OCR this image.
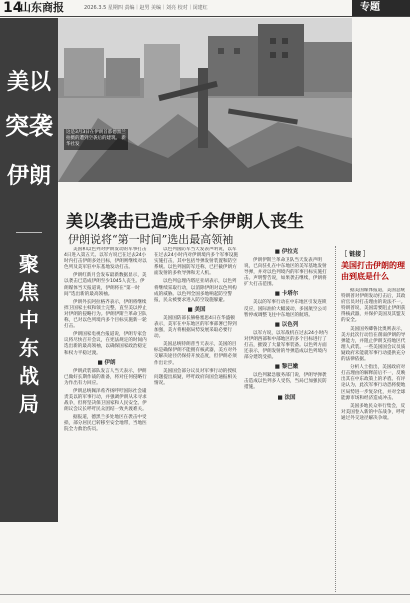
14
山东商报	2026.3.5 星期四 责编｜赵男 美编｜刘亮 校对｜闵建红	专题
美以
突袭
伊朗
聚焦中东战局
这是3月3日在伊朗首都德黑兰拍摄的遭到空袭后的建筑。 新华社发
美以袭击已造成千余伊朗人丧生
伊朗说将“第一时间”选出最高领袖

美国和以色列对伊朗发动的军事打击4日进入第五天。以军方说已在过去24小时内打击伊朗多处目标，伊朗则继续对以色列及美军驻中东基地发动打击。

伊朗红新月会发布最新数据显示，美以袭击已造成伊朗至少1045人丧生。伊朗媒体当天报道说，伊朗将在“第一时间”选出新的最高领袖。

伊朗外长阿拉格齐表示，伊朗将继续捍卫国家主权和领土完整，直至美以停止对伊朗的侵略行为。伊朗伊斯兰革命卫队称，已对以色列境内多个目标实施新一轮打击。

伊朗国家电视台报道说，伊朗专家会议将尽快召开会议，在宪法规定的时间内选出新的最高领袖，以确保国家政治稳定和权力平稳过渡。

■ 伊朗

伊朗武装部队发言人当天表示，伊朗已做好长期作战的准备，将对任何侵略行为作出有力回应。

伊朗总统佩泽希齐扬呼吁国际社会谴责美以的军事行动，并强调伊朗从未寻求战争，但将坚决保卫国家和人民安全。伊朗议会议长呼吁民众团结一致共渡难关。

据报道，德黑兰多处地区在袭击中受损，部分居民已转移至安全地带，当地医院全力救治伤员。

以色列国防军当天发表声明说，以军在过去24小时内对伊朗境内多个军事设施实施打击，其中包括导弹发射装置和防空系统。以色列国防军还称，已拦截伊朗方面发射的多枚导弹和无人机。

以色列总理内塔尼亚胡表示，以色列将继续采取行动，以消除伊朗对以色列构成的威胁。以色列全国多地响起防空警报，民众被要求进入防空设施躲避。

■ 美国

美国国防部长赫格塞思4日在华盛顿表示，美军在中东地区的军事部署已得到加强，美方将根据局势发展采取必要行动。

美国总统特朗普当天表示，美国的目标是确保伊朗不能拥有核武器，美方对外交解决途径仍保持开放态度，但伊朗必须作出让步。

美国国会部分议员对军事行动的授权问题提出质疑，呼吁政府向国会通报相关情况。

■ 伊拉克

伊朗伊斯兰革命卫队当天发表声明说，已向驻扎在中东地区的美军基地发射导弹，并对以色列境内的军事目标实施打击。声明警告说，如果袭击继续，伊朗将扩大打击范围。

■ 卡塔尔

美以的军事行动在中东地区引发连锁反应，国际油价大幅波动，多国航空公司暂停或调整飞往中东地区的航班。

■ 以色列

以军方说，以军战机在过去24小时内对伊朗西部和中部地区的多个目标进行了打击，摧毁了大量军事装备。以色列方面还表示，伊朗发射的导弹造成以色列境内部分建筑受损。

■ 黎巴嫩

以色列紧急服务部门说，伊朗导弹袭击造成以色列多人受伤，当局已加强民防措施。

■ 法国

［ 链接 ］
美国打击伊朗的理由到底是什么

据美国媒体报道，美国总统特朗普对伊朗发动打击后，其政府官员对打击理由的说法不一。特朗普说，美国需要阻止伊朗获得核武器，并保护美国及其盟友的安全。

美国国务卿鲁比奥则表示，美方此次行动旨在削弱伊朗的导弹能力，并阻止伊朗支持地区代理人武装。一些美国国会议员质疑政府未能就军事行动提供充分的法律依据。

分析人士指出，美国政府对打击理由的解释前后不一，反映出其在中东政策上的矛盾。有评论认为，此次军事行动恐将使地区局势进一步复杂化，并对全球能源市场和经济造成冲击。

美国多地民众举行集会，反对美国卷入新的中东战争，呼吁通过外交途径解决争端。
